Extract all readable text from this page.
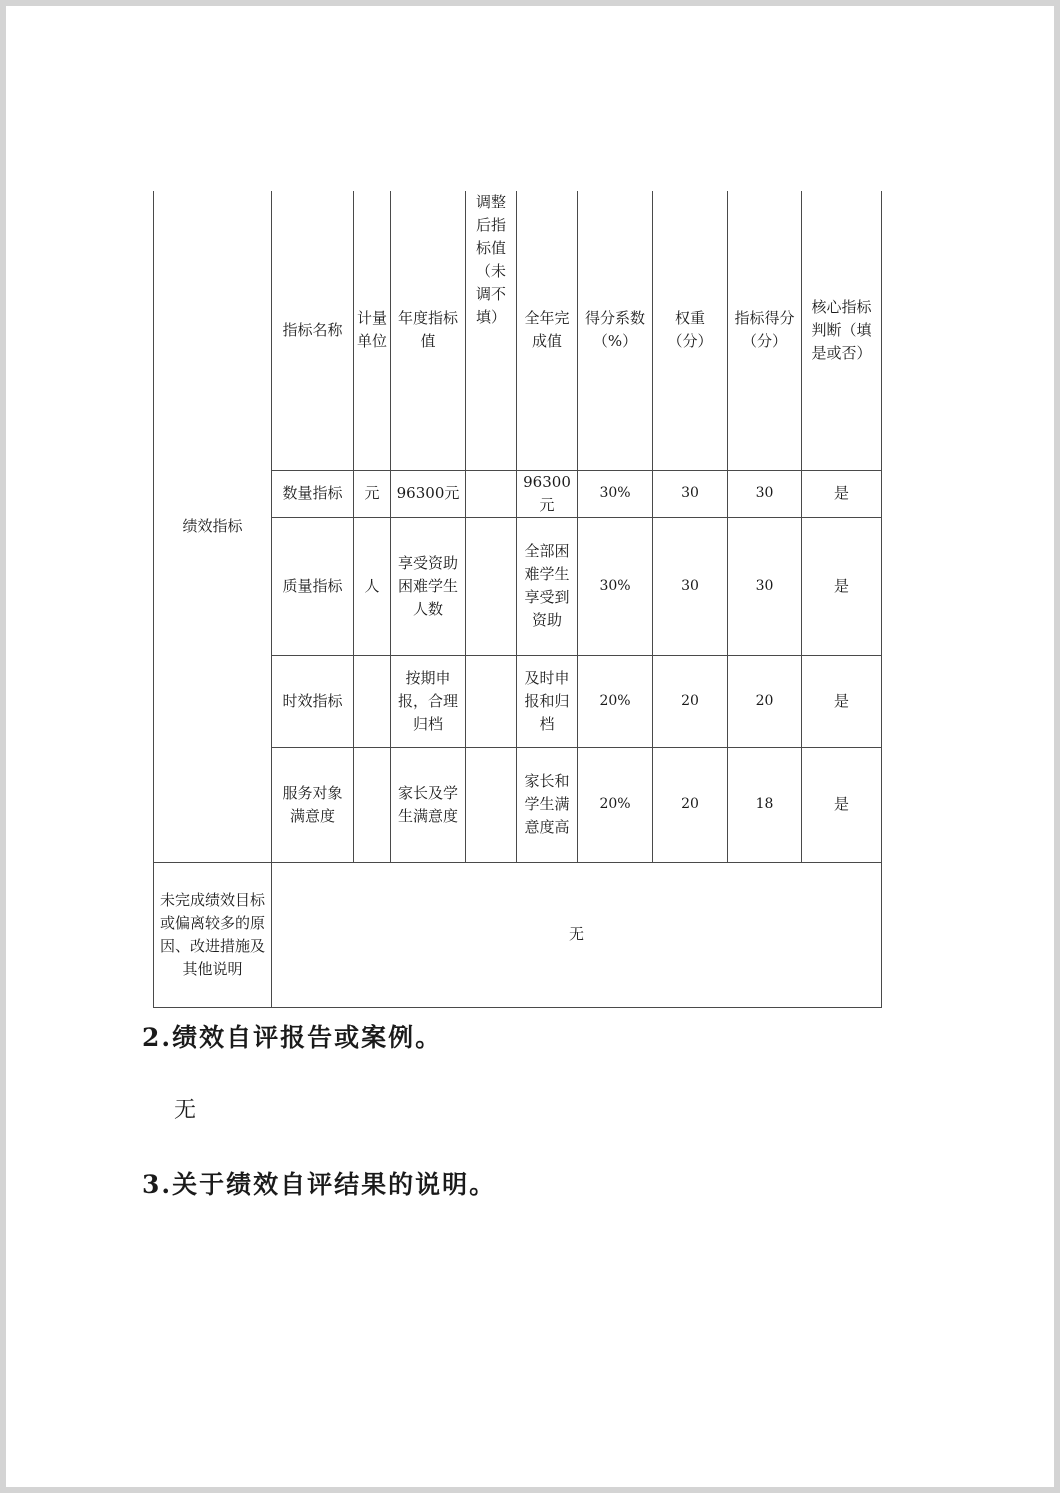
绩效指标	指标名称	计量单位	年度指标值	调整后指标值（未调不填）	全年完成值	得分系数（%）	权重（分）	指标得分（分）	核心指标判断（填是或否）
	数量指标	元	96300元		96300元	30%	30	30	是
	质量指标	人	享受资助困难学生人数		全部困难学生享受到资助	30%	30	30	是
	时效指标		按期申报，合理归档		及时申报和归档	20%	20	20	是
	服务对象满意度		家长及学生满意度		家长和学生满意度高	20%	20	18	是
未完成绩效目标或偏离较多的原因、改进措施及其他说明	无								
2.绩效自评报告或案例。
无
3.关于绩效自评结果的说明。
